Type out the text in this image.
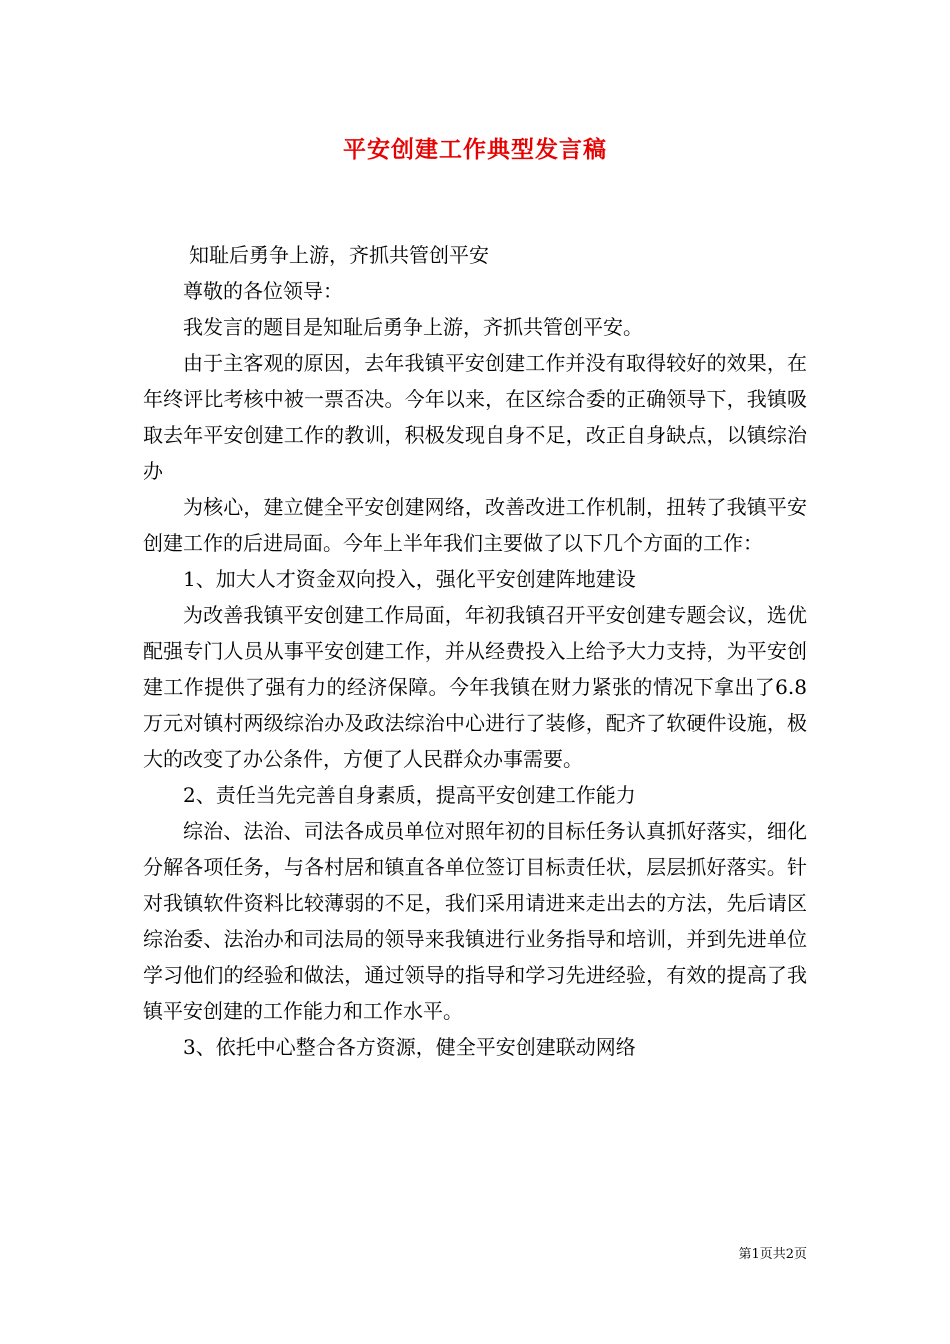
平安创建工作典型发言稿

知耻后勇争上游，齐抓共管创平安

尊敬的各位领导：

我发言的题目是知耻后勇争上游，齐抓共管创平安。

由于主客观的原因，去年我镇平安创建工作并没有取得较好的效果，在年终评比考核中被一票否决。今年以来，在区综合委的正确领导下，我镇吸取去年平安创建工作的教训，积极发现自身不足，改正自身缺点，以镇综治办

为核心，建立健全平安创建网络，改善改进工作机制，扭转了我镇平安创建工作的后进局面。今年上半年我们主要做了以下几个方面的工作：

1、加大人才资金双向投入，强化平安创建阵地建设

为改善我镇平安创建工作局面，年初我镇召开平安创建专题会议，选优配强专门人员从事平安创建工作，并从经费投入上给予大力支持，为平安创建工作提供了强有力的经济保障。今年我镇在财力紧张的情况下拿出了6.8万元对镇村两级综治办及政法综治中心进行了装修，配齐了软硬件设施，极大的改变了办公条件，方便了人民群众办事需要。

2、责任当先完善自身素质，提高平安创建工作能力

综治、法治、司法各成员单位对照年初的目标任务认真抓好落实，细化分解各项任务，与各村居和镇直各单位签订目标责任状，层层抓好落实。针对我镇软件资料比较薄弱的不足，我们采用请进来走出去的方法，先后请区综治委、法治办和司法局的领导来我镇进行业务指导和培训，并到先进单位学习他们的经验和做法，通过领导的指导和学习先进经验，有效的提高了我镇平安创建的工作能力和工作水平。

3、依托中心整合各方资源，健全平安创建联动网络

第1页共2页
